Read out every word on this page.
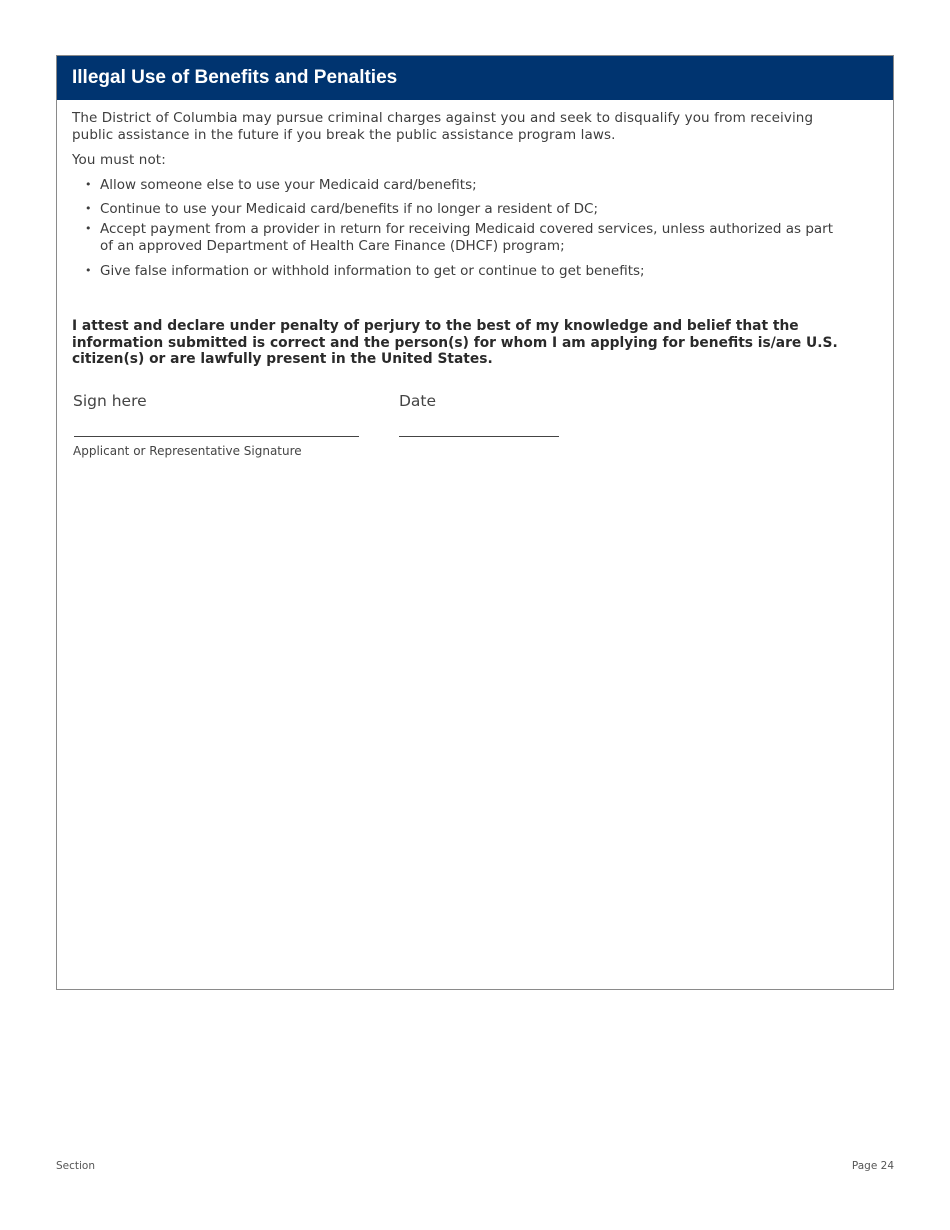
Illegal Use of Benefits and Penalties

The District of Columbia may pursue criminal charges against you and seek to disqualify you from receiving public assistance in the future if you break the public assistance program laws.

You must not:

• Allow someone else to use your Medicaid card/benefits;
• Continue to use your Medicaid card/benefits if no longer a resident of DC;
• Accept payment from a provider in return for receiving Medicaid covered services, unless authorized as part of an approved Department of Health Care Finance (DHCF) program;
• Give false information or withhold information to get or continue to get benefits;

I attest and declare under penalty of perjury to the best of my knowledge and belief that the information submitted is correct and the person(s) for whom I am applying for benefits is/are U.S. citizen(s) or are lawfully present in the United States.

Sign here	Date
Applicant or Representative Signature
Section	Page 24
